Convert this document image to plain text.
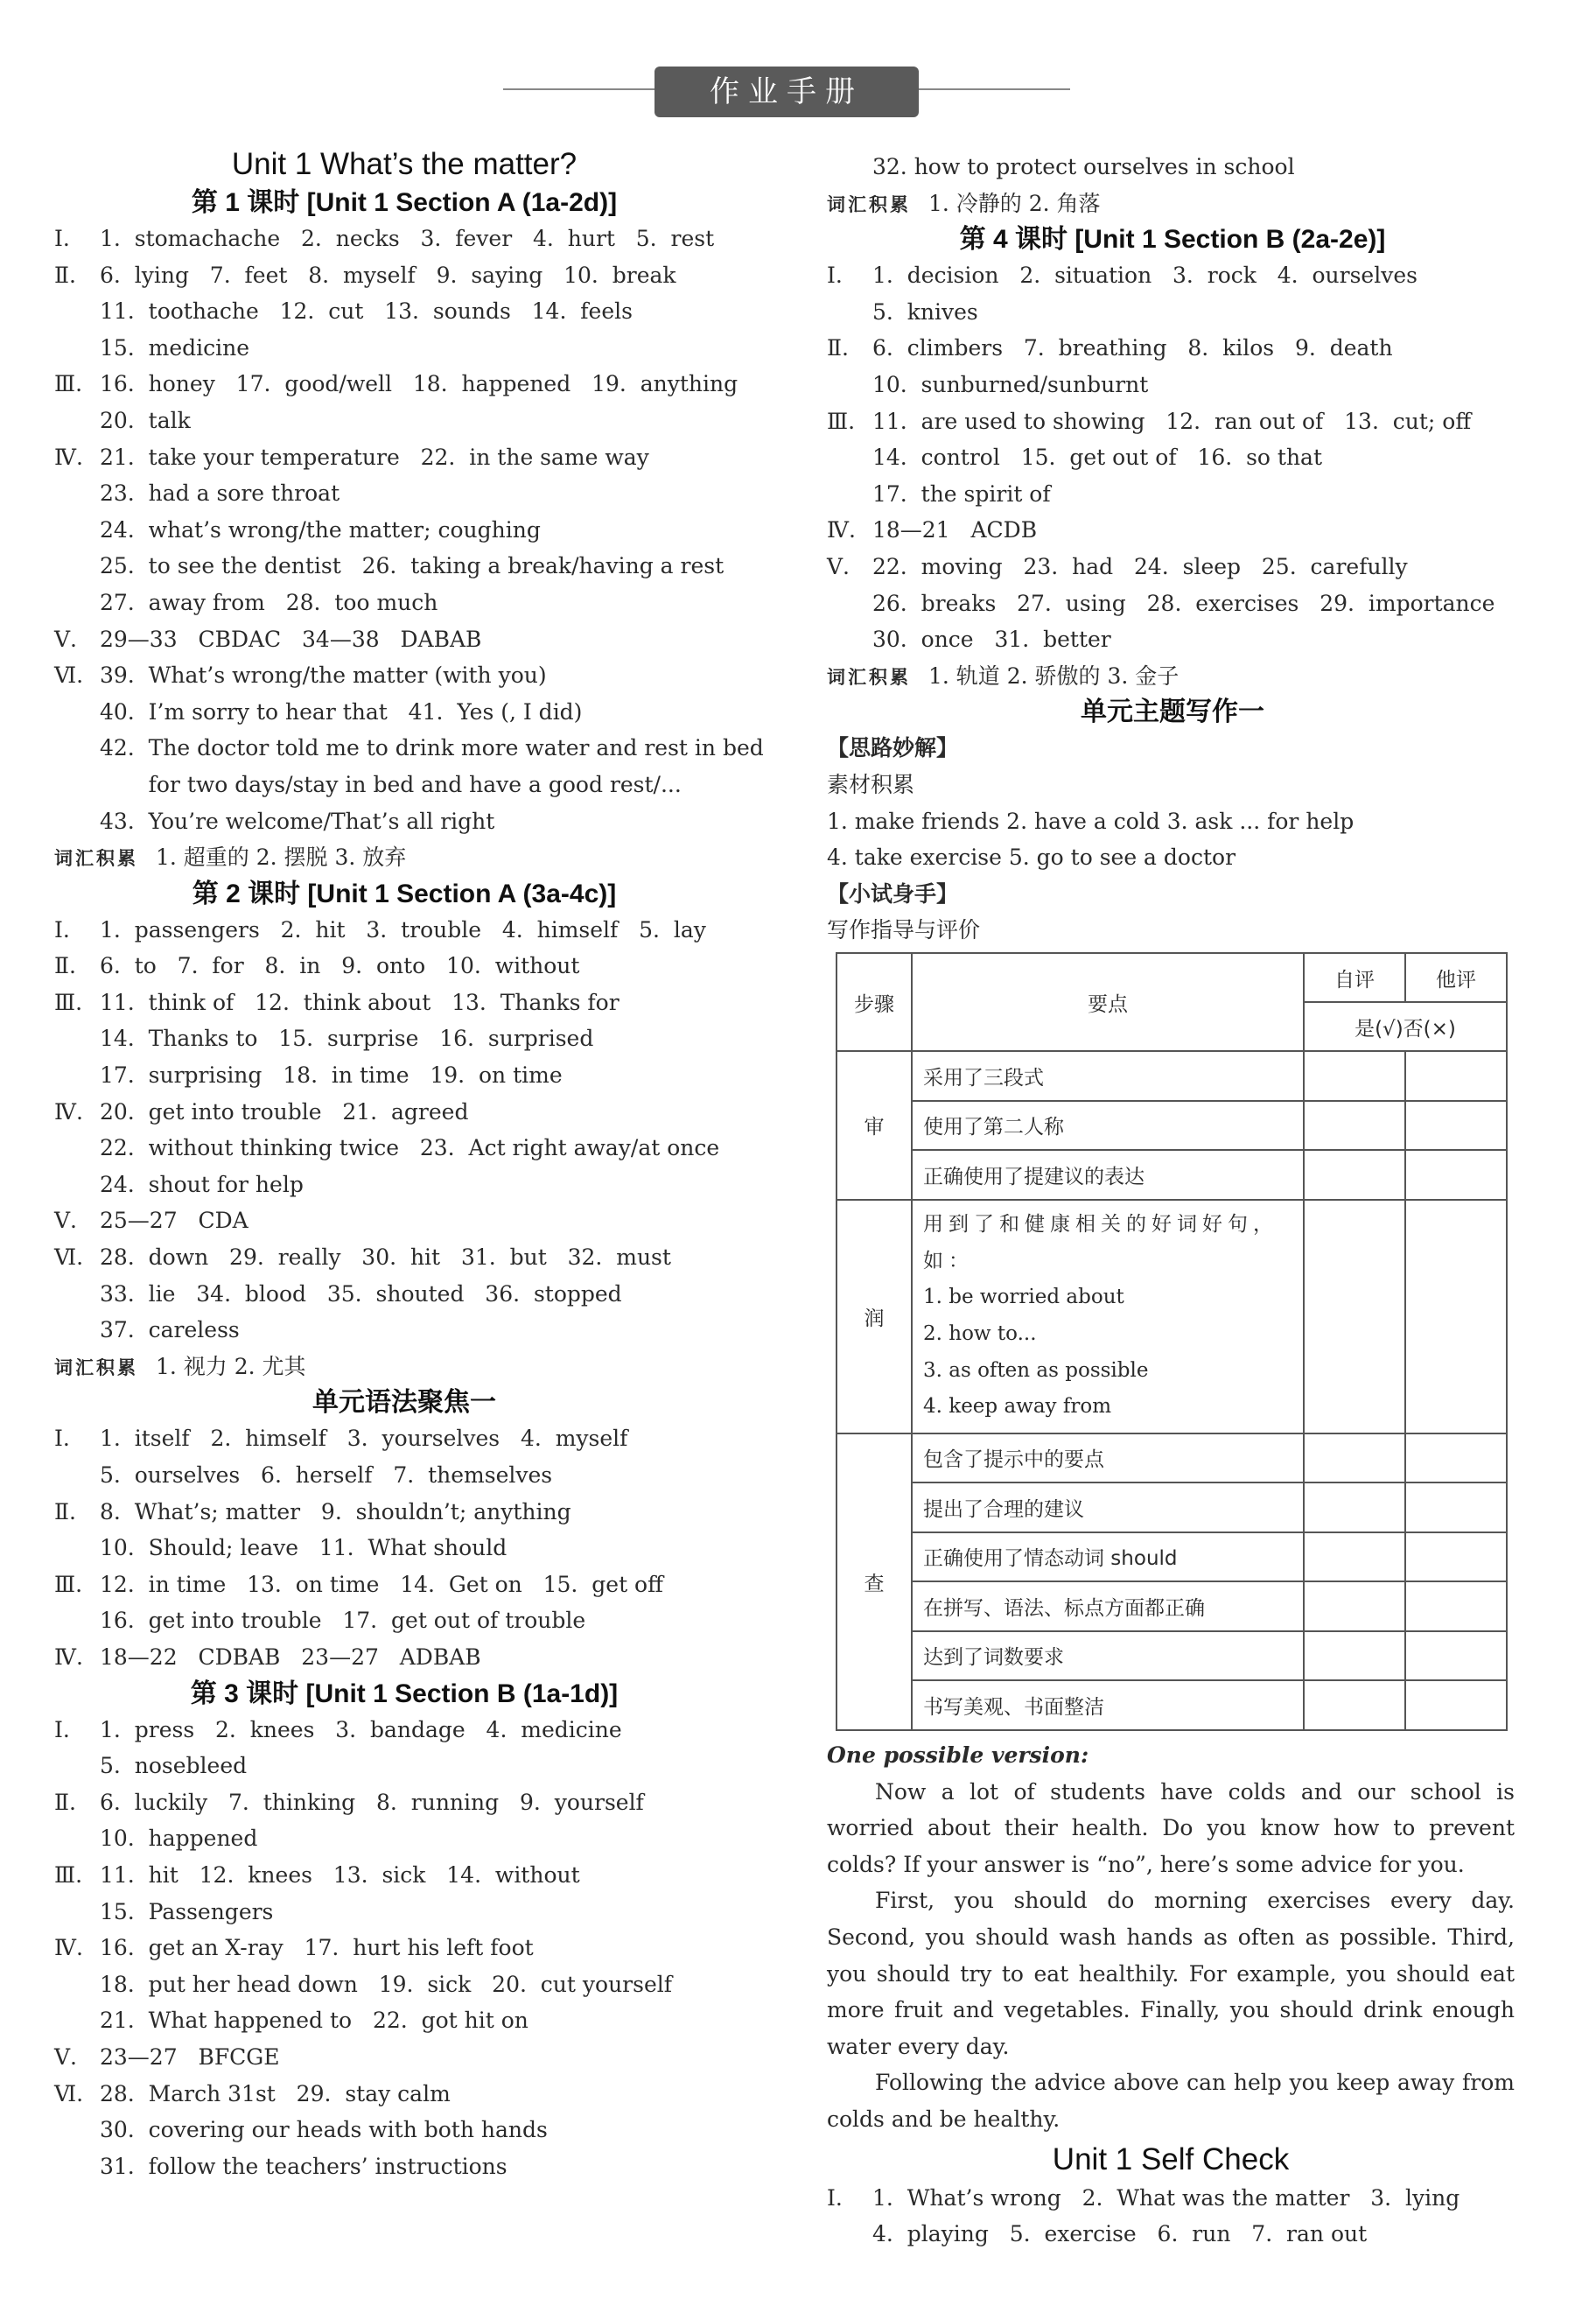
作业手册
Unit 1 What’s the matter?
第 1 课时 [Unit 1 Section A (1a-2d)]
Ⅰ. 1.  stomachache   2.  necks   3.  fever   4.  hurt   5.  rest
Ⅱ. 6.  lying   7.  feet   8.  myself   9.  saying   10.  break
11.  toothache   12.  cut   13.  sounds   14.  feels
15.  medicine
Ⅲ. 16.  honey   17.  good/well   18.  happened   19.  anything
20.  talk
Ⅳ. 21.  take your temperature   22.  in the same way
23.  had a sore throat
24.  what’s wrong/the matter; coughing
25.  to see the dentist   26.  taking a break/having a rest
27.  away from   28.  too much
Ⅴ. 29—33   CBDAC   34—38   DABAB
Ⅵ. 39.  What’s wrong/the matter (with you)
40.  I’m sorry to hear that   41.  Yes (, I did)
42.  The doctor told me to drink more water and rest in bed
for two days/stay in bed and have a good rest/...
43.  You’re welcome/That’s all right
词汇积累 1. 超重的 2. 摆脱 3. 放弃
第 2 课时 [Unit 1 Section A (3a-4c)]
Ⅰ. 1.  passengers   2.  hit   3.  trouble   4.  himself   5.  lay
Ⅱ. 6.  to   7.  for   8.  in   9.  onto   10.  without
Ⅲ. 11.  think of   12.  think about   13.  Thanks for
14.  Thanks to   15.  surprise   16.  surprised
17.  surprising   18.  in time   19.  on time
Ⅳ. 20.  get into trouble   21.  agreed
22.  without thinking twice   23.  Act right away/at once
24.  shout for help
Ⅴ. 25—27   CDA
Ⅵ. 28.  down   29.  really   30.  hit   31.  but   32.  must
33.  lie   34.  blood   35.  shouted   36.  stopped
37.  careless
词汇积累 1. 视力 2. 尤其
单元语法聚焦一
Ⅰ. 1.  itself   2.  himself   3.  yourselves   4.  myself
5.  ourselves   6.  herself   7.  themselves
Ⅱ. 8.  What’s; matter   9.  shouldn’t; anything
10.  Should; leave   11.  What should
Ⅲ. 12.  in time   13.  on time   14.  Get on   15.  get off
16.  get into trouble   17.  get out of trouble
Ⅳ. 18—22   CDBAB   23—27   ADBAB
第 3 课时 [Unit 1 Section B (1a-1d)]
Ⅰ. 1.  press   2.  knees   3.  bandage   4.  medicine
5.  nosebleed
Ⅱ. 6.  luckily   7.  thinking   8.  running   9.  yourself
10.  happened
Ⅲ. 11.  hit   12.  knees   13.  sick   14.  without
15.  Passengers
Ⅳ. 16.  get an X-ray   17.  hurt his left foot
18.  put her head down   19.  sick   20.  cut yourself
21.  What happened to   22.  got hit on
Ⅴ. 23—27   BFCGE
Ⅵ. 28.  March 31st   29.  stay calm
30.  covering our heads with both hands
31.  follow the teachers’ instructions
32. how to protect ourselves in school
词汇积累 1. 冷静的 2. 角落
第 4 课时 [Unit 1 Section B (2a-2e)]
Ⅰ. 1.  decision   2.  situation   3.  rock   4.  ourselves
5.  knives
Ⅱ. 6.  climbers   7.  breathing   8.  kilos   9.  death
10.  sunburned/sunburnt
Ⅲ. 11.  are used to showing   12.  ran out of   13.  cut; off
14.  control   15.  get out of   16.  so that
17.  the spirit of
Ⅳ. 18—21   ACDB
Ⅴ. 22.  moving   23.  had   24.  sleep   25.  carefully
26.  breaks   27.  using   28.  exercises   29.  importance
30.  once   31.  better
词汇积累 1. 轨道 2. 骄傲的 3. 金子
单元主题写作一
【思路妙解】
素材积累
1. make friends 2. have a cold 3. ask ... for help
4. take exercise 5. go to see a doctor
【小试身手】
写作指导与评价
步骤	要点	自评	他评
		是(√)否(×)	
审	采用了三段式		
	使用了第二人称		
	正确使用了提建议的表达		
润	用到了和健康相关的好词好句，如：
1. be worried about
2. how to...
3. as often as possible
4. keep away from		

查	包含了提示中的要点		
	提出了合理的建议		
	正确使用了情态动词 should		
	在拼写、语法、标点方面都正确		
	达到了词数要求		
	书写美观、书面整洁		
One possible version:

Now a lot of students have colds and our school is worried about their health. Do you know how to prevent colds? If your answer is “no”, here’s some advice for you.

First, you should do morning exercises every day. Second, you should wash hands as often as possible. Third, you should try to eat healthily. For example, you should eat more fruit and vegetables. Finally, you should drink enough water every day.

Following the advice above can help you keep away from colds and be healthy.

Unit 1 Self Check
Ⅰ. 1.  What’s wrong   2.  What was the matter   3.  lying
4.  playing   5.  exercise   6.  run   7.  ran out
